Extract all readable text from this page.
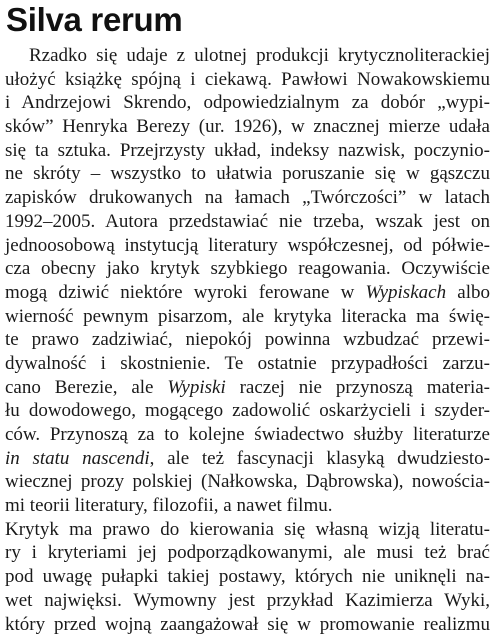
Silva rerum
Rzadko się udaje z ulotnej produkcji krytycznoliterackiej
ułożyć książkę spójną i ciekawą. Pawłowi Nowakowskiemu
i Andrzejowi Skrendo, odpowiedzialnym za dobór „wypi-
sków” Henryka Berezy (ur. 1926), w znacznej mierze udała
się ta sztuka. Przejrzysty układ, indeksy nazwisk, poczynio-
ne skróty – wszystko to ułatwia poruszanie się w gąszczu
zapisków drukowanych na łamach „Twórczości” w latach
1992–2005. Autora przedstawiać nie trzeba, wszak jest on
jednoosobową instytucją literatury współczesnej, od półwie-
cza obecny jako krytyk szybkiego reagowania. Oczywiście
mogą dziwić niektóre wyroki ferowane w Wypiskach albo
wierność pewnym pisarzom, ale krytyka literacka ma świę-
te prawo zadziwiać, niepokój powinna wzbudzać przewi-
dywalność i skostnienie. Te ostatnie przypadłości zarzu-
cano Berezie, ale Wypiski raczej nie przynoszą materia-
łu dowodowego, mogącego zadowolić oskarżycieli i szyder-
ców. Przynoszą za to kolejne świadectwo służby literaturze
in statu nascendi, ale też fascynacji klasyką dwudziesto-
wiecznej prozy polskiej (Nałkowska, Dąbrowska), nowościa-
mi teorii literatury, filozofii, a nawet filmu.
Krytyk ma prawo do kierowania się własną wizją literatu-
ry i kryteriami jej podporządkowanymi, ale musi też brać
pod uwagę pułapki takiej postawy, których nie uniknęli na-
wet najwięksi. Wymowny jest przykład Kazimierza Wyki,
który przed wojną zaangażował się w promowanie realizmu
